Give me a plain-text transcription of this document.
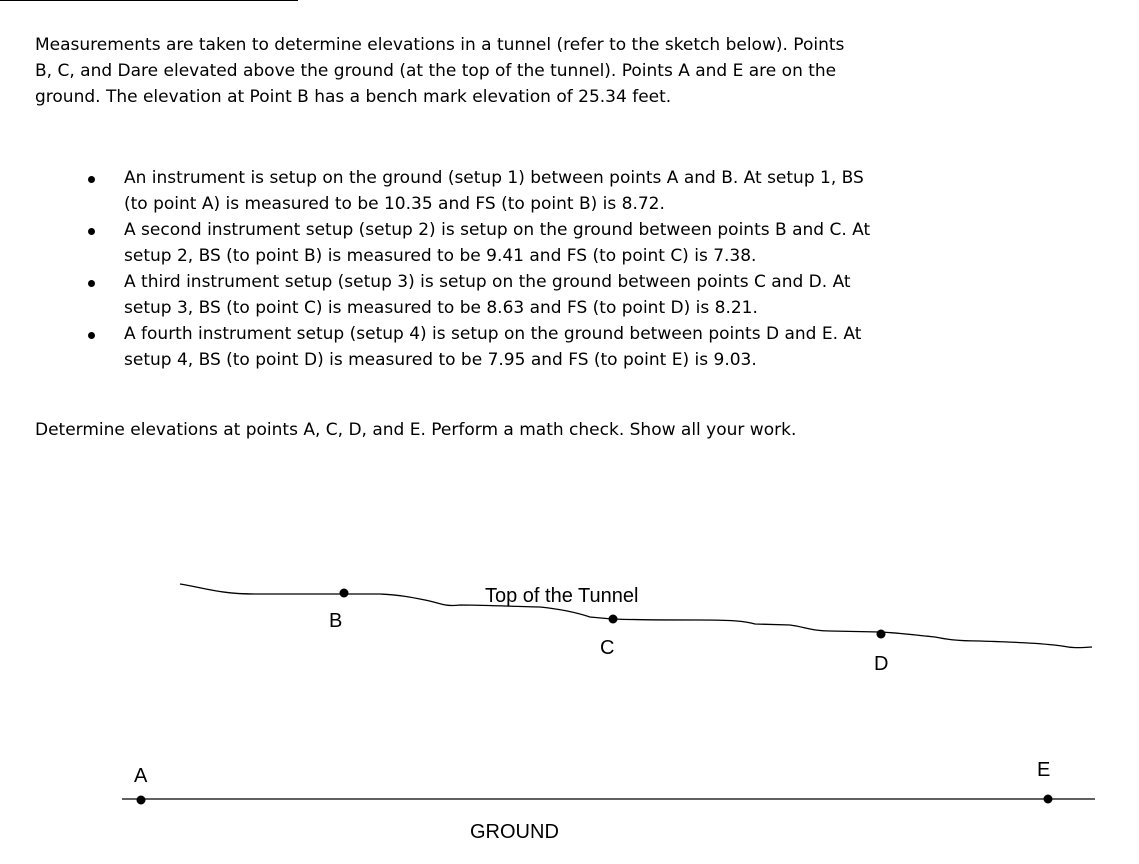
Measurements are taken to determine elevations in a tunnel (refer to the sketch below). Points
B, C, and Dare elevated above the ground (at the top of the tunnel). Points A and E are on the
ground. The elevation at Point B has a bench mark elevation of 25.34 feet.

An instrument is setup on the ground (setup 1) between points A and B. At setup 1, BS
(to point A) is measured to be 10.35 and FS (to point B) is 8.72.
A second instrument setup (setup 2) is setup on the ground between points B and C. At
setup 2, BS (to point B) is measured to be 9.41 and FS (to point C) is 7.38.
A third instrument setup (setup 3) is setup on the ground between points C and D. At
setup 3, BS (to point C) is measured to be 8.63 and FS (to point D) is 8.21.
A fourth instrument setup (setup 4) is setup on the ground between points D and E. At
setup 4, BS (to point D) is measured to be 7.95 and FS (to point E) is 9.03.

Determine elevations at points A, C, D, and E. Perform a math check. Show all your work.

Top of the Tunnel
B
C
D
A	E
GROUND
